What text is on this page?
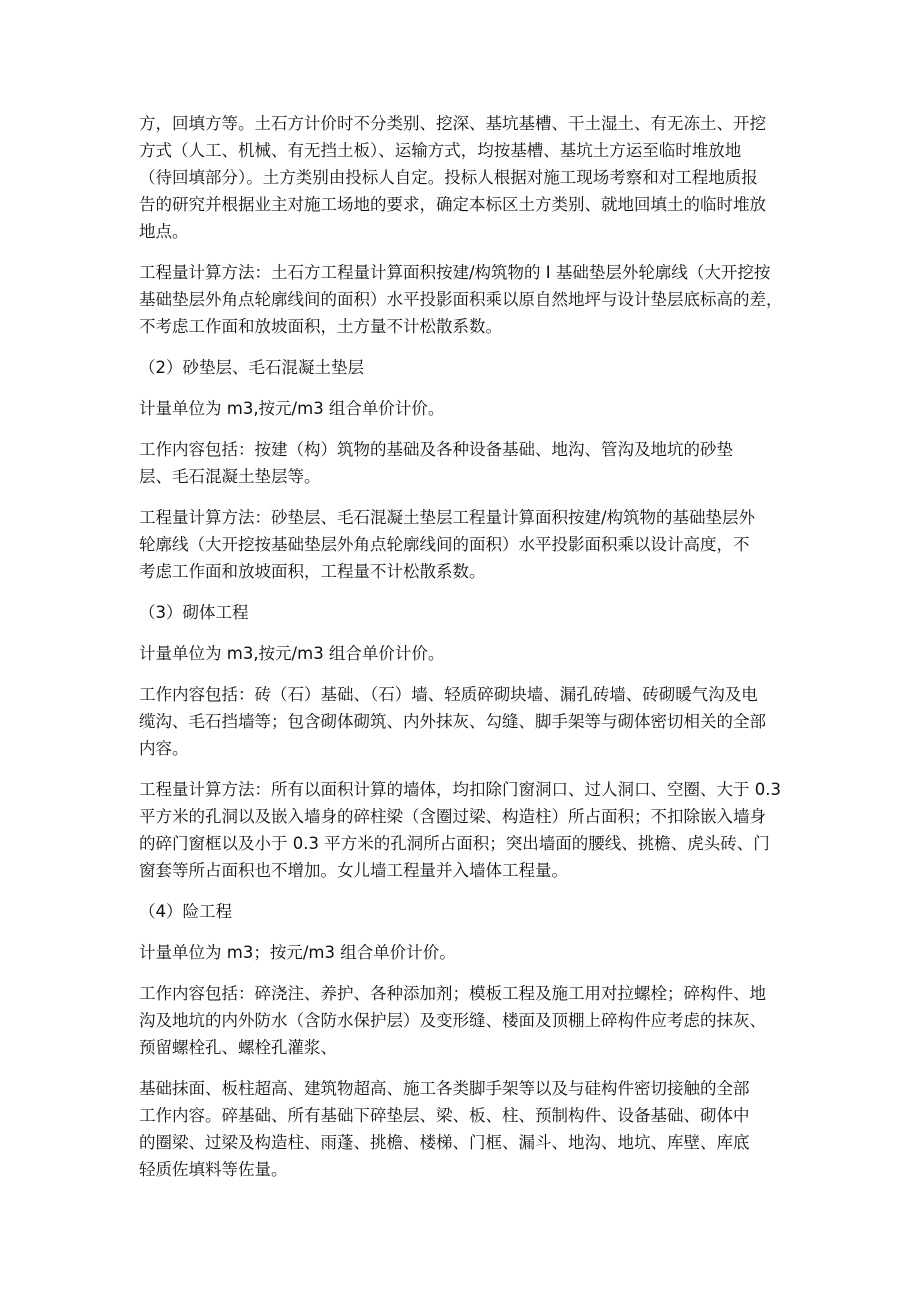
方，回填方等。土石方计价时不分类别、挖深、基坑基槽、干土湿土、有无冻土、开挖
方式（人工、机械、有无挡土板）、运输方式，均按基槽、基坑土方运至临时堆放地
（待回填部分）。土方类别由投标人自定。投标人根据对施工现场考察和对工程地质报
告的研究并根据业主对施工场地的要求，确定本标区土方类别、就地回填土的临时堆放
地点。
工程量计算方法：土石方工程量计算面积按建/构筑物的 I 基础垫层外轮廓线（大开挖按
基础垫层外角点轮廓线间的面积）水平投影面积乘以原自然地坪与设计垫层底标高的差，
不考虑工作面和放坡面积，土方量不计松散系数。
（2）砂垫层、毛石混凝土垫层
计量单位为 m3,按元/m3 组合单价计价。
工作内容包括：按建（构）筑物的基础及各种设备基础、地沟、管沟及地坑的砂垫
层、毛石混凝土垫层等。
工程量计算方法：砂垫层、毛石混凝土垫层工程量计算面积按建/构筑物的基础垫层外
轮廓线（大开挖按基础垫层外角点轮廓线间的面积）水平投影面积乘以设计高度，不
考虑工作面和放坡面积，工程量不计松散系数。
（3）砌体工程
计量单位为 m3,按元/m3 组合单价计价。
工作内容包括：砖（石）基础、（石）墙、轻质碎砌块墙、漏孔砖墙、砖砌暖气沟及电
缆沟、毛石挡墙等；包含砌体砌筑、内外抹灰、勾缝、脚手架等与砌体密切相关的全部
内容。
工程量计算方法：所有以面积计算的墙体，均扣除门窗洞口、过人洞口、空圈、大于 0.3
平方米的孔洞以及嵌入墙身的碎柱梁（含圈过梁、构造柱）所占面积；不扣除嵌入墙身
的碎门窗框以及小于 0.3 平方米的孔洞所占面积；突出墙面的腰线、挑檐、虎头砖、门
窗套等所占面积也不增加。女儿墙工程量并入墙体工程量。
（4）险工程
计量单位为 m3；按元/m3 组合单价计价。
工作内容包括：碎浇注、养护、各种添加剂；模板工程及施工用对拉螺栓；碎构件、地
沟及地坑的内外防水（含防水保护层）及变形缝、楼面及顶棚上碎构件应考虑的抹灰、
预留螺栓孔、螺栓孔灌浆、
基础抹面、板柱超高、建筑物超高、施工各类脚手架等以及与硅构件密切接触的全部
工作内容。碎基础、所有基础下碎垫层、梁、板、柱、预制构件、设备基础、砌体中
的圈梁、过梁及构造柱、雨蓬、挑檐、楼梯、门框、漏斗、地沟、地坑、库壁、库底
轻质佐填料等佐量。
